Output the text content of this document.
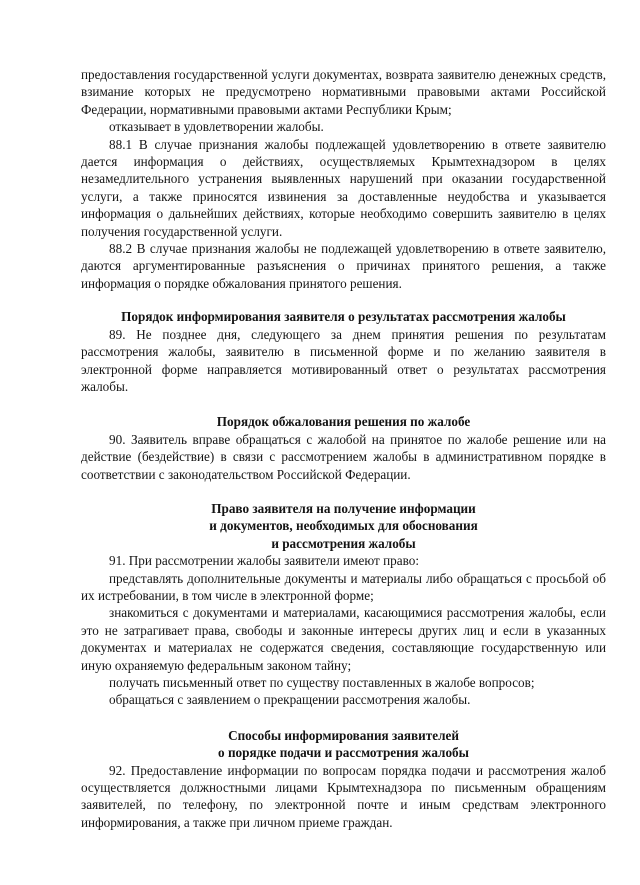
предоставления государственной услуги документах, возврата заявителю денежных средств, взимание которых не предусмотрено нормативными правовыми актами Российской Федерации, нормативными правовыми актами Республики Крым;

отказывает в удовлетворении жалобы.

88.1 В случае признания жалобы подлежащей удовлетворению в ответе заявителю дается информация о действиях, осуществляемых Крымтехнадзором в целях незамедлительного устранения выявленных нарушений при оказании государственной услуги, а также приносятся извинения за доставленные неудобства и указывается информация о дальнейших действиях, которые необходимо совершить заявителю в целях получения государственной услуги.

88.2 В случае признания жалобы не подлежащей удовлетворению в ответе заявителю, даются аргументированные разъяснения о причинах принятого решения, а также информация о порядке обжалования принятого решения.

Порядок информирования заявителя о результатах рассмотрения жалобы

89. Не позднее дня, следующего за днем принятия решения по результатам рассмотрения жалобы, заявителю в письменной форме и по желанию заявителя в электронной форме направляется мотивированный ответ о результатах рассмотрения жалобы.

Порядок обжалования решения по жалобе

90. Заявитель вправе обращаться с жалобой на принятое по жалобе решение или на действие (бездействие) в связи с рассмотрением жалобы в административном порядке в соответствии с законодательством Российской Федерации.

Право заявителя на получение информации

и документов, необходимых для обоснования

и рассмотрения жалобы

91. При рассмотрении жалобы заявители имеют право:

представлять дополнительные документы и материалы либо обращаться с просьбой об их истребовании, в том числе в электронной форме;

знакомиться с документами и материалами, касающимися рассмотрения жалобы, если это не затрагивает права, свободы и законные интересы других лиц и если в указанных документах и материалах не содержатся сведения, составляющие государственную или иную охраняемую федеральным законом тайну;

получать письменный ответ по существу поставленных в жалобе вопросов;

обращаться с заявлением о прекращении рассмотрения жалобы.

Способы информирования заявителей

о порядке подачи и рассмотрения жалобы

92. Предоставление информации по вопросам порядка подачи и рассмотрения жалоб осуществляется должностными лицами Крымтехнадзора по письменным обращениям заявителей, по телефону, по электронной почте и иным средствам электронного информирования, а также при личном приеме граждан.
